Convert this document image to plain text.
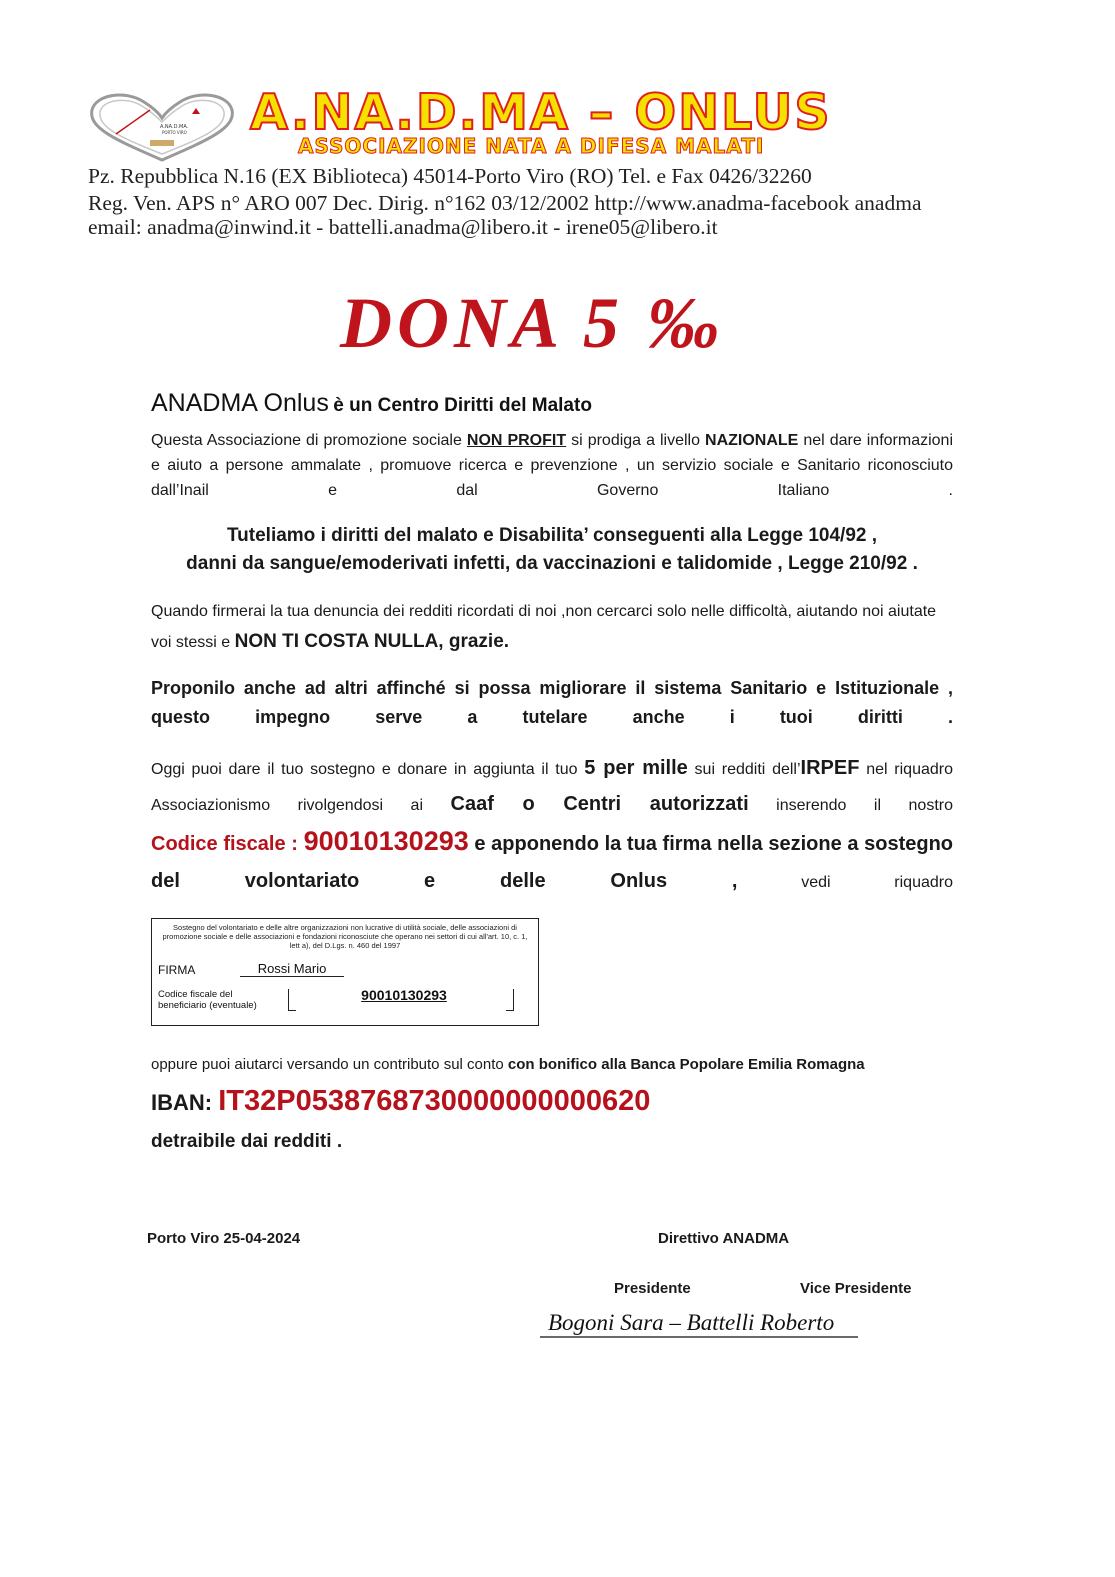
A.NA.D.MA.
PORTO VIRO A.NA.D.MA – ONLUS
ASSOCIAZIONE NATA A DIFESA MALATI
Pz. Repubblica N.16 (EX Biblioteca) 45014-Porto Viro (RO) Tel. e Fax 0426/32260
Reg. Ven. APS n° ARO 007 Dec. Dirig. n°162 03/12/2002 http://www.anadma-facebook anadma
email: anadma@inwind.it - battelli.anadma@libero.it - irene05@libero.it
DONA 5 ‰
ANADMA Onlus è un Centro Diritti del Malato
Questa Associazione di promozione sociale NON PROFIT si prodiga a livello NAZIONALE nel dare informazioni e aiuto a persone ammalate , promuove ricerca e prevenzione , un servizio sociale e Sanitario riconosciuto dall’Inail e dal Governo Italiano .
Tuteliamo i diritti del malato e Disabilita’ conseguenti alla Legge 104/92 ,
danni da sangue/emoderivati infetti, da vaccinazioni e talidomide , Legge 210/92 .
Quando firmerai la tua denuncia dei redditi ricordati di noi ,non cercarci solo nelle difficoltà, aiutando noi aiutate voi stessi e NON TI COSTA NULLA, grazie.
Proponilo anche ad altri affinché si possa migliorare il sistema Sanitario e Istituzionale , questo impegno serve a tutelare anche i tuoi diritti .
Oggi puoi dare il tuo sostegno e donare in aggiunta il tuo 5 per mille sui redditi dell’IRPEF nel riquadro Associazionismo rivolgendosi ai Caaf o Centri autorizzati inserendo il nostro
Codice fiscale : 90010130293 e apponendo la tua firma nella sezione a sostegno del volontariato e delle Onlus , vedi riquadro
Sostegno del volontariato e delle altre organizzazioni non lucrative di utilità sociale, delle associazioni di promozione sociale e delle associazioni e fondazioni riconosciute che operano nei settori di cui all'art. 10, c. 1, lett a), del D.Lgs. n. 460 del 1997
FIRMA	Rossi Mario
Codice fiscale del beneficiario (eventuale)
90010130293
oppure puoi aiutarci versando un contributo sul conto con bonifico alla Banca Popolare Emilia Romagna
IBAN: IT32P0538768730000000000620
detraibile dai redditi .
Porto Viro 25-04-2024	Direttivo ANADMA
Presidente	Vice Presidente
Bogoni Sara – Battelli Roberto
